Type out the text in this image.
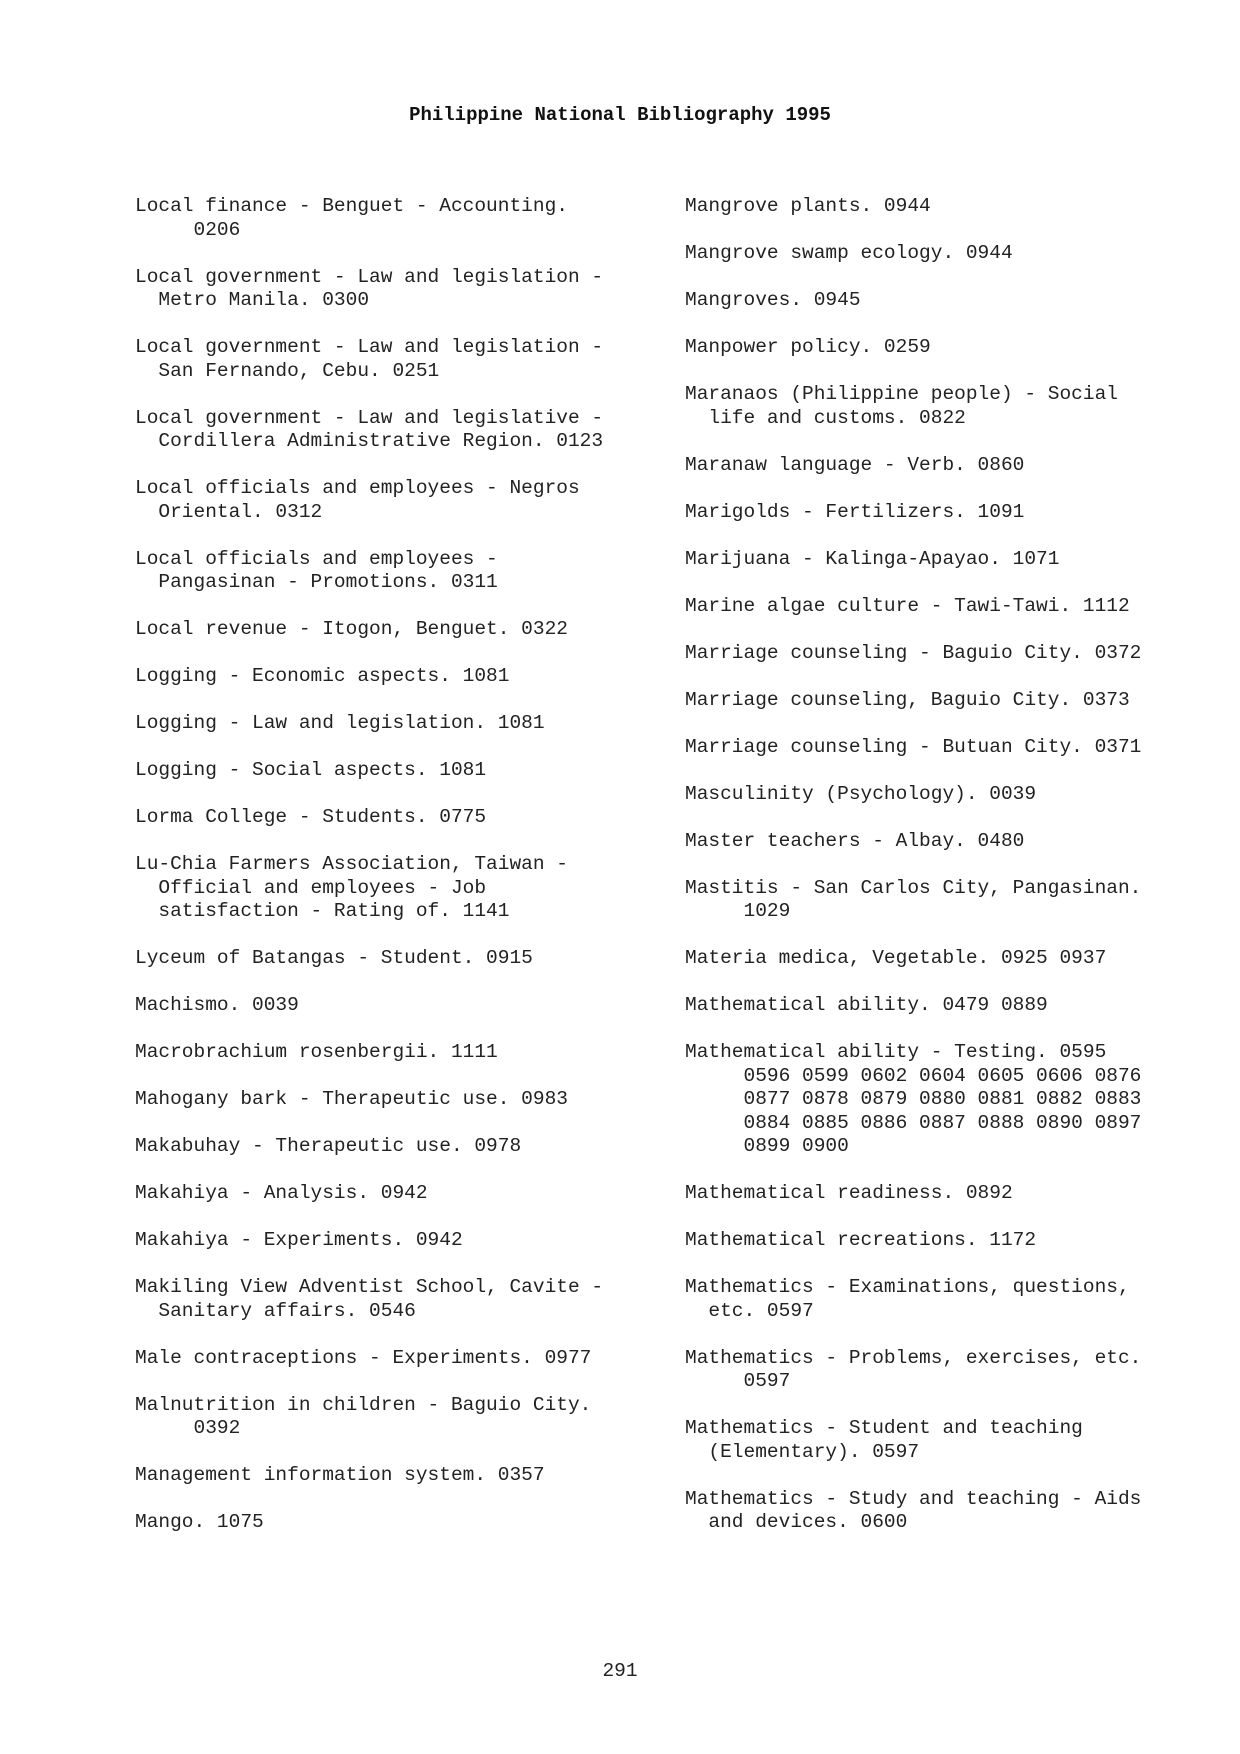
Philippine National Bibliography 1995
Local finance - Benguet - Accounting.
0206
Local government - Law and legislation -
Metro Manila. 0300
Local government - Law and legislation -
San Fernando, Cebu. 0251
Local government - Law and legislative -
Cordillera Administrative Region. 0123
Local officials and employees - Negros
Oriental. 0312
Local officials and employees -
Pangasinan - Promotions. 0311
Local revenue - Itogon, Benguet. 0322
Logging - Economic aspects. 1081
Logging - Law and legislation. 1081
Logging - Social aspects. 1081
Lorma College - Students. 0775
Lu-Chia Farmers Association, Taiwan -
Official and employees - Job
satisfaction - Rating of. 1141
Lyceum of Batangas - Student. 0915
Machismo. 0039
Macrobrachium rosenbergii. 1111
Mahogany bark - Therapeutic use. 0983
Makabuhay - Therapeutic use. 0978
Makahiya - Analysis. 0942
Makahiya - Experiments. 0942
Makiling View Adventist School, Cavite -
Sanitary affairs. 0546
Male contraceptions - Experiments. 0977
Malnutrition in children - Baguio City.
0392
Management information system. 0357
Mango. 1075
Mangrove plants. 0944
Mangrove swamp ecology. 0944
Mangroves. 0945
Manpower policy. 0259
Maranaos (Philippine people) - Social
life and customs. 0822
Maranaw language - Verb. 0860
Marigolds - Fertilizers. 1091
Marijuana - Kalinga-Apayao. 1071
Marine algae culture - Tawi-Tawi. 1112
Marriage counseling - Baguio City. 0372
Marriage counseling, Baguio City. 0373
Marriage counseling - Butuan City. 0371
Masculinity (Psychology). 0039
Master teachers - Albay. 0480
Mastitis - San Carlos City, Pangasinan.
1029
Materia medica, Vegetable. 0925 0937
Mathematical ability. 0479 0889
Mathematical ability - Testing. 0595
0596 0599 0602 0604 0605 0606 0876
0877 0878 0879 0880 0881 0882 0883
0884 0885 0886 0887 0888 0890 0897
0899 0900
Mathematical readiness. 0892
Mathematical recreations. 1172
Mathematics - Examinations, questions,
etc. 0597
Mathematics - Problems, exercises, etc.
0597
Mathematics - Student and teaching
(Elementary). 0597
Mathematics - Study and teaching - Aids
and devices. 0600
291
